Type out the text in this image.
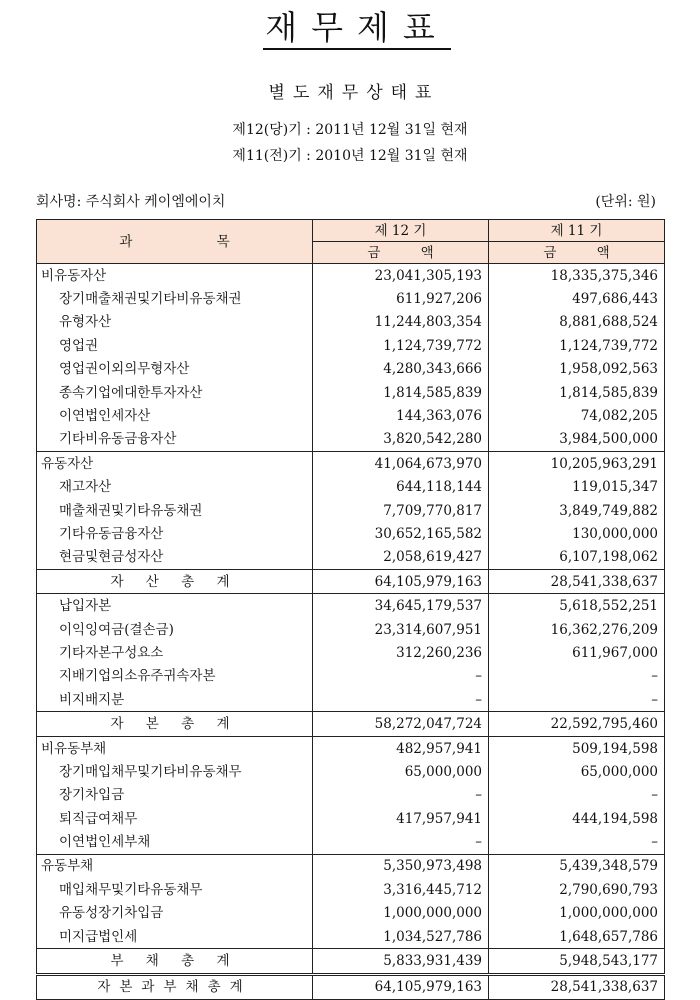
재무제표
별도재무상태표
제12(당)기 : 2011년 12월 31일 현재
제11(전)기 : 2010년 12월 31일 현재
회사명: 주식회사 케이엠에이치	(단위: 원)
과 목	제 12 기	제 11 기
	금 액	금 액
비유동자산	23,041,305,193	18,335,375,346
장기매출채권및기타비유동채권	611,927,206	497,686,443
유형자산	11,244,803,354	8,881,688,524
영업권	1,124,739,772	1,124,739,772
영업권이외의무형자산	4,280,343,666	1,958,092,563
종속기업에대한투자자산	1,814,585,839	1,814,585,839
이연법인세자산	144,363,076	74,082,205
기타비유동금융자산	3,820,542,280	3,984,500,000
유동자산	41,064,673,970	10,205,963,291
재고자산	644,118,144	119,015,347
매출채권및기타유동채권	7,709,770,817	3,849,749,882
기타유동금융자산	30,652,165,582	130,000,000
현금및현금성자산	2,058,619,427	6,107,198,062
자 산 총 계	64,105,979,163	28,541,338,637
납입자본	34,645,179,537	5,618,552,251
이익잉여금(결손금)	23,314,607,951	16,362,276,209
기타자본구성요소	312,260,236	611,967,000
지배기업의소유주귀속자본	–	–
비지배지분	–	–
자 본 총 계	58,272,047,724	22,592,795,460
비유동부채	482,957,941	509,194,598
장기매입채무및기타비유동채무	65,000,000	65,000,000
장기차입금	–	–
퇴직급여채무	417,957,941	444,194,598
이연법인세부채	–	–
유동부채	5,350,973,498	5,439,348,579
매입채무및기타유동채무	3,316,445,712	2,790,690,793
유동성장기차입금	1,000,000,000	1,000,000,000
미지급법인세	1,034,527,786	1,648,657,786
부 채 총 계	5,833,931,439	5,948,543,177
자본과부채총계	64,105,979,163	28,541,338,637
